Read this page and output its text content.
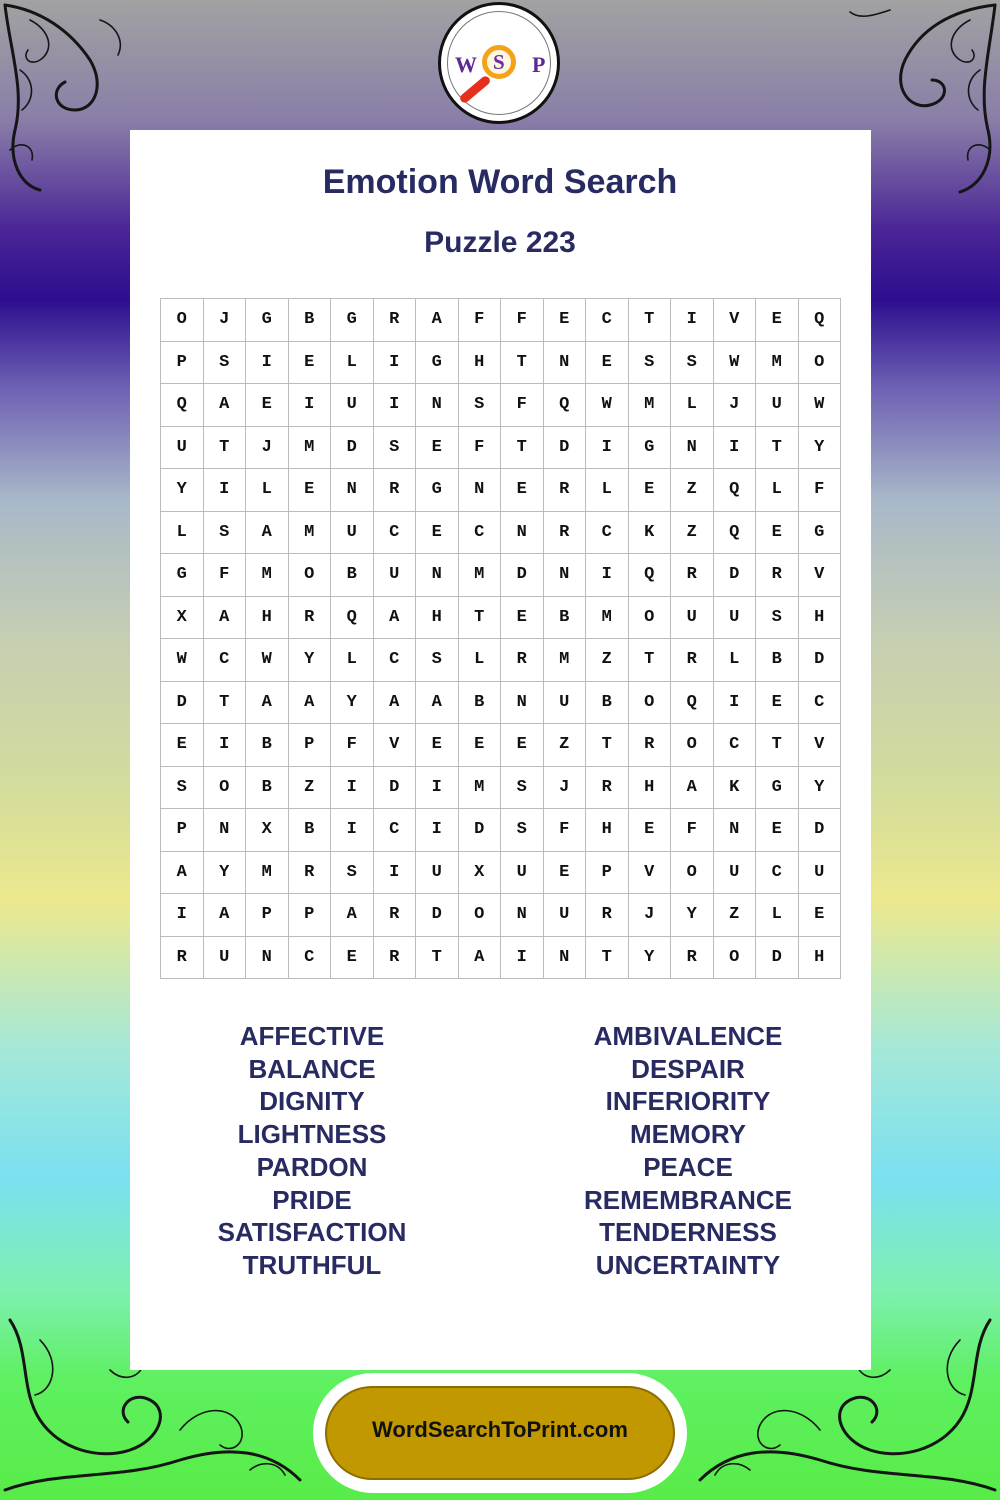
W S P
Emotion Word Search
Puzzle 223
O	J	G	B	G	R	A	F	F	E	C	T	I	V	E	Q
P	S	I	E	L	I	G	H	T	N	E	S	S	W	M	O
Q	A	E	I	U	I	N	S	F	Q	W	M	L	J	U	W
U	T	J	M	D	S	E	F	T	D	I	G	N	I	T	Y
Y	I	L	E	N	R	G	N	E	R	L	E	Z	Q	L	F
L	S	A	M	U	C	E	C	N	R	C	K	Z	Q	E	G
G	F	M	O	B	U	N	M	D	N	I	Q	R	D	R	V
X	A	H	R	Q	A	H	T	E	B	M	O	U	U	S	H
W	C	W	Y	L	C	S	L	R	M	Z	T	R	L	B	D
D	T	A	A	Y	A	A	B	N	U	B	O	Q	I	E	C
E	I	B	P	F	V	E	E	E	Z	T	R	O	C	T	V
S	O	B	Z	I	D	I	M	S	J	R	H	A	K	G	Y
P	N	X	B	I	C	I	D	S	F	H	E	F	N	E	D
A	Y	M	R	S	I	U	X	U	E	P	V	O	U	C	U
I	A	P	P	A	R	D	O	N	U	R	J	Y	Z	L	E
R	U	N	C	E	R	T	A	I	N	T	Y	R	O	D	H
AFFECTIVE
BALANCE
DIGNITY
LIGHTNESS
PARDON
PRIDE
SATISFACTION
TRUTHFUL
AMBIVALENCE
DESPAIR
INFERIORITY
MEMORY
PEACE
REMEMBRANCE
TENDERNESS
UNCERTAINTY
WordSearchToPrint.com
